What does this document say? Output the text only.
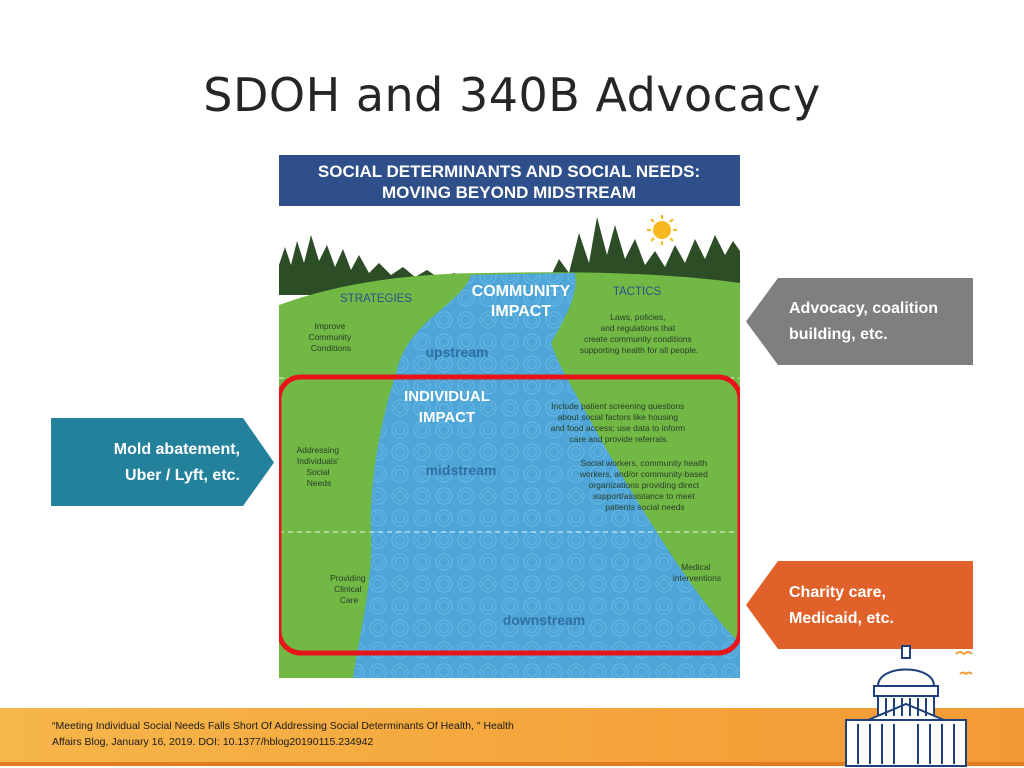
SDOH and 340B Advocacy
SOCIAL DETERMINANTS AND SOCIAL NEEDS:
MOVING BEYOND MIDSTREAM
STRATEGIES
TACTICS
COMMUNITY
IMPACT
Improve Community Conditions
Laws, policies, and regulations that create community conditions supporting health for all people.
upstream
INDIVIDUAL
IMPACT
Include patient screening questions about social factors like housing and food access; use data to inform care and provide referrals.
Addressing Individuals' Social Needs
midstream	Social workers, community health workers, and/or community-based organizations providing direct support/assistance to meet patients social needs
Medical interventions
Providing Clinical Care
downstream
Advocacy, coalition
building, etc.
Mold abatement,
Uber / Lyft, etc.
Charity care,
Medicaid, etc.
“Meeting Individual Social Needs Falls Short Of Addressing Social Determinants Of Health, " Health
Affairs Blog, January 16, 2019. DOI: 10.1377/hblog20190115.234942
